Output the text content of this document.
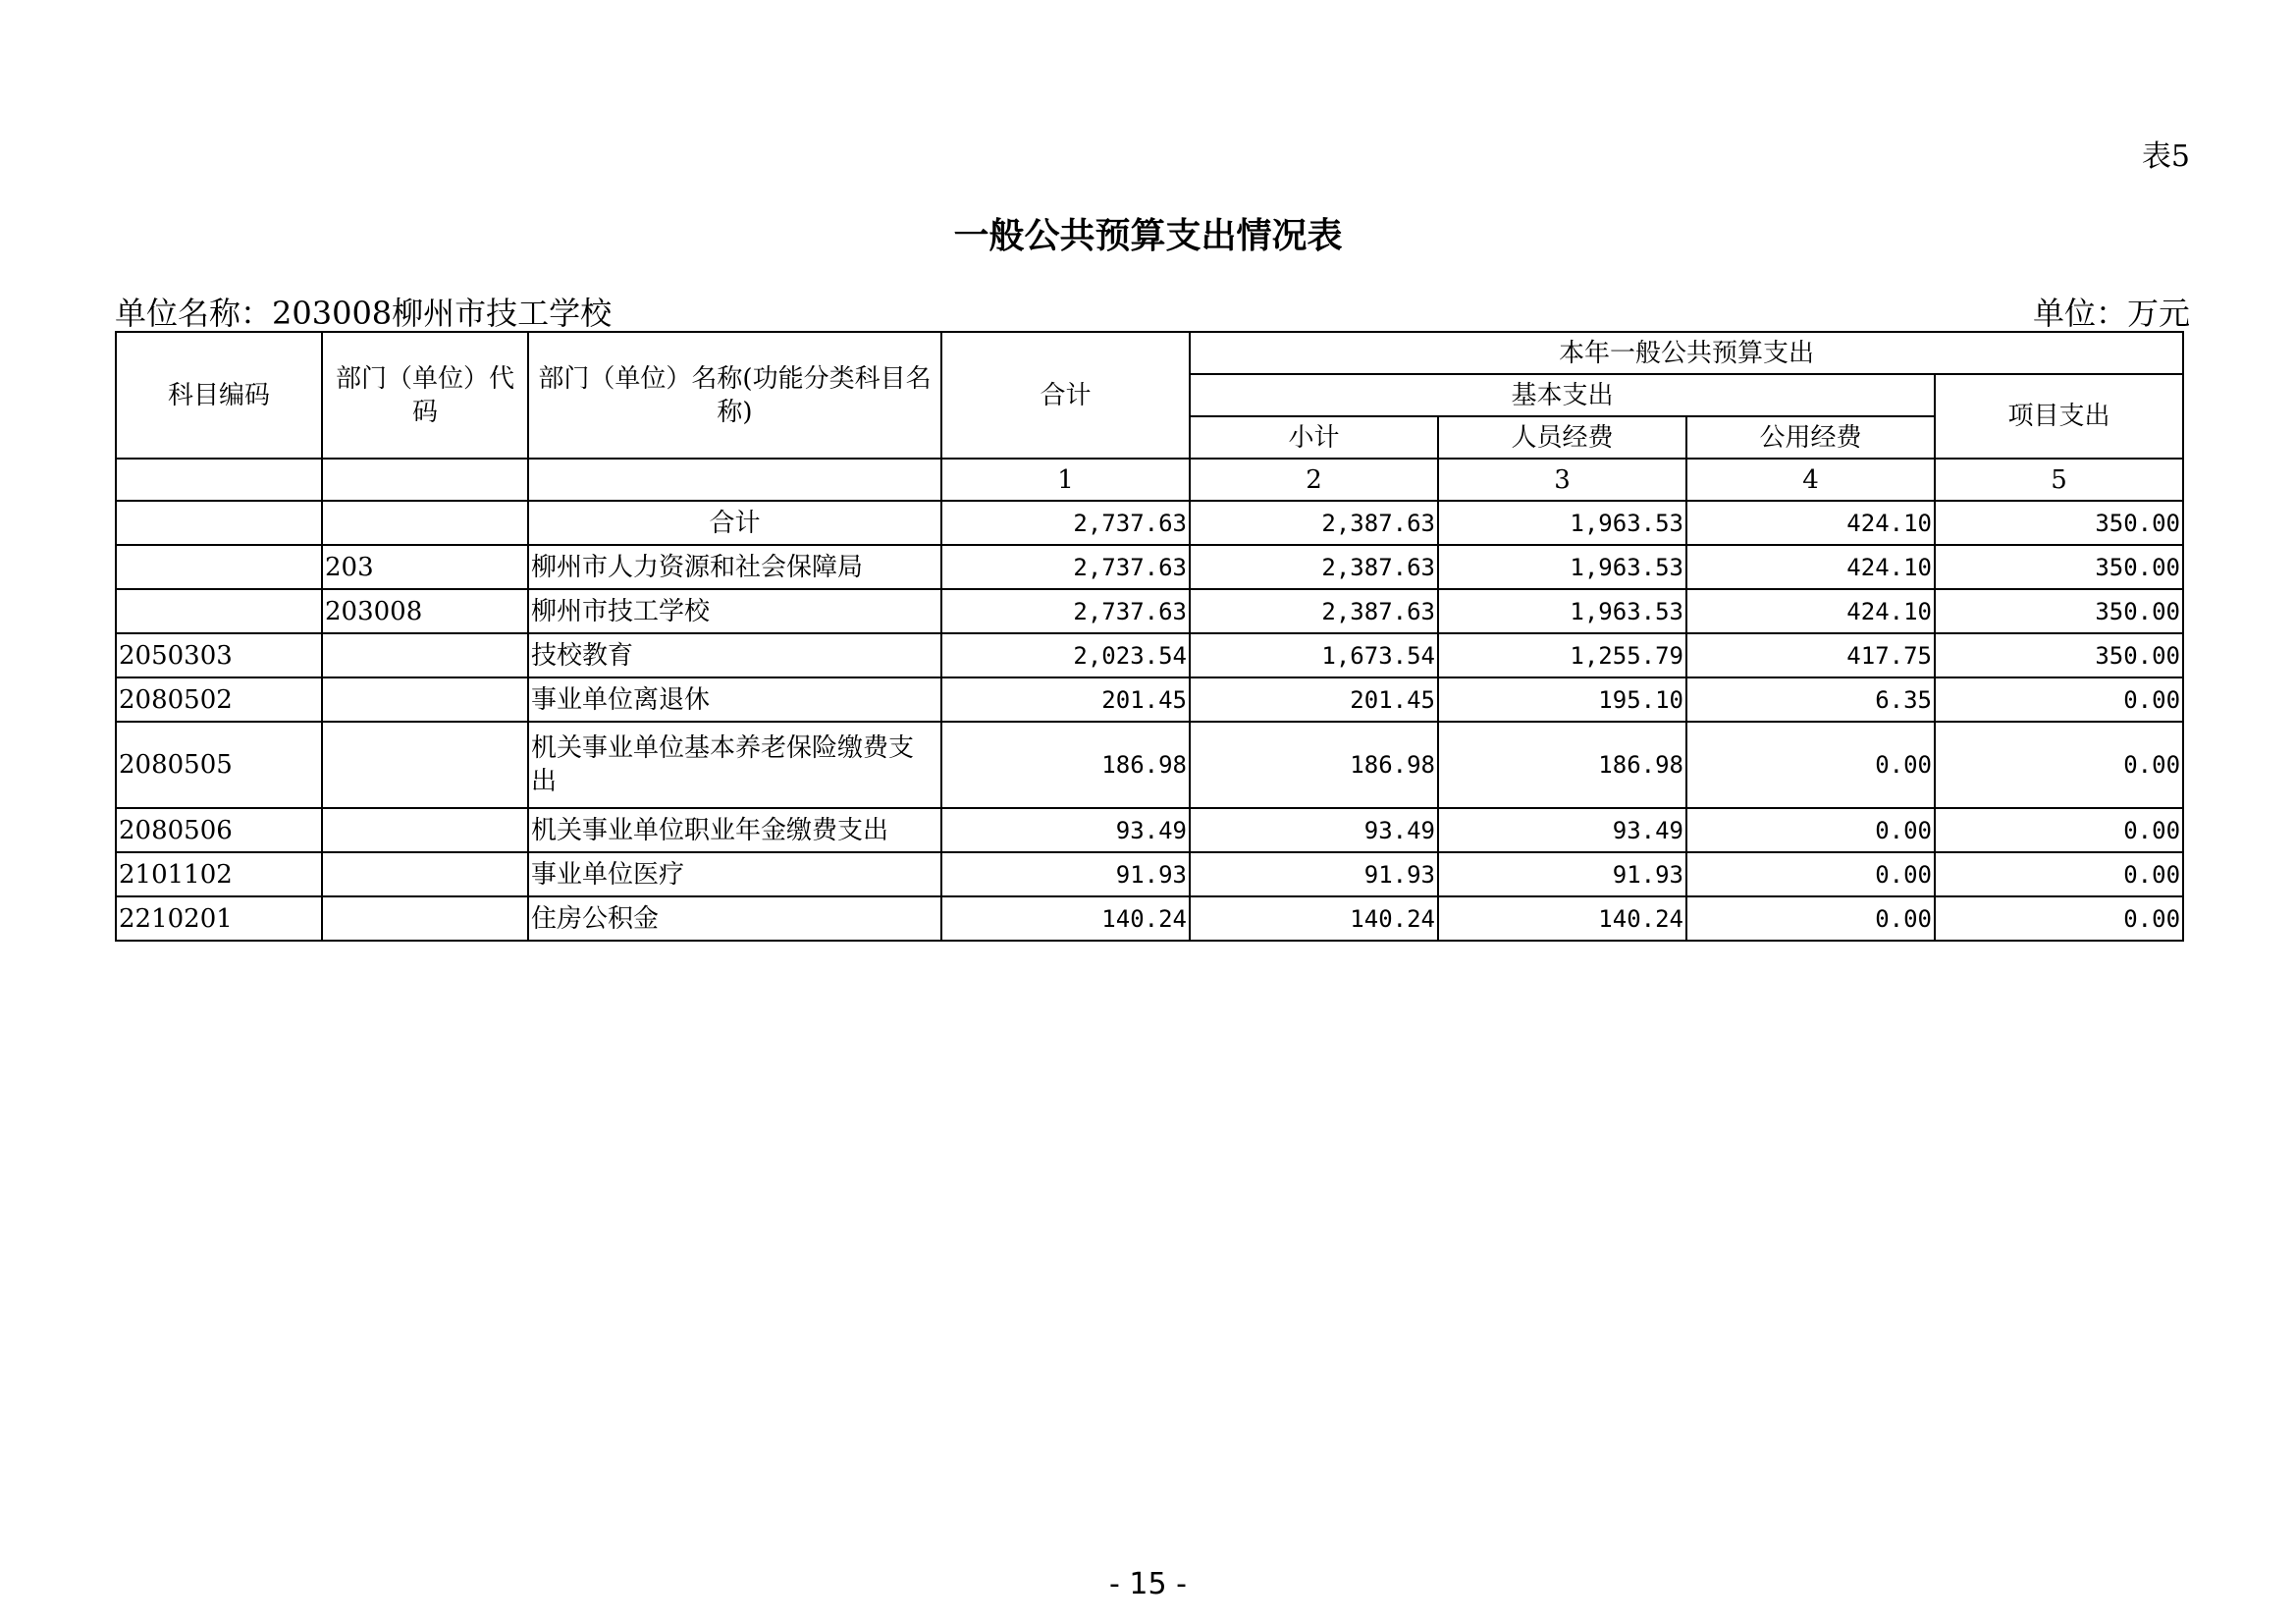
表5
一般公共预算支出情况表
单位名称：203008柳州市技工学校	单位：万元
科目编码	部门（单位）代码	部门（单位）名称(功能分类科目名称)	合计	本年一般公共预算支出			
				基本支出			项目支出
				小计	人员经费	公用经费	
			1	2	3	4	5
		合计	2,737.63	2,387.63	1,963.53	424.10	350.00
	203	柳州市人力资源和社会保障局	2,737.63	2,387.63	1,963.53	424.10	350.00
	203008	柳州市技工学校	2,737.63	2,387.63	1,963.53	424.10	350.00
2050303		技校教育	2,023.54	1,673.54	1,255.79	417.75	350.00
2080502		事业单位离退休	201.45	201.45	195.10	6.35	0.00
2080505		机关事业单位基本养老保险缴费支出	186.98	186.98	186.98	0.00	0.00
2080506		机关事业单位职业年金缴费支出	93.49	93.49	93.49	0.00	0.00
2101102		事业单位医疗	91.93	91.93	91.93	0.00	0.00
2210201		住房公积金	140.24	140.24	140.24	0.00	0.00
- 15 -
